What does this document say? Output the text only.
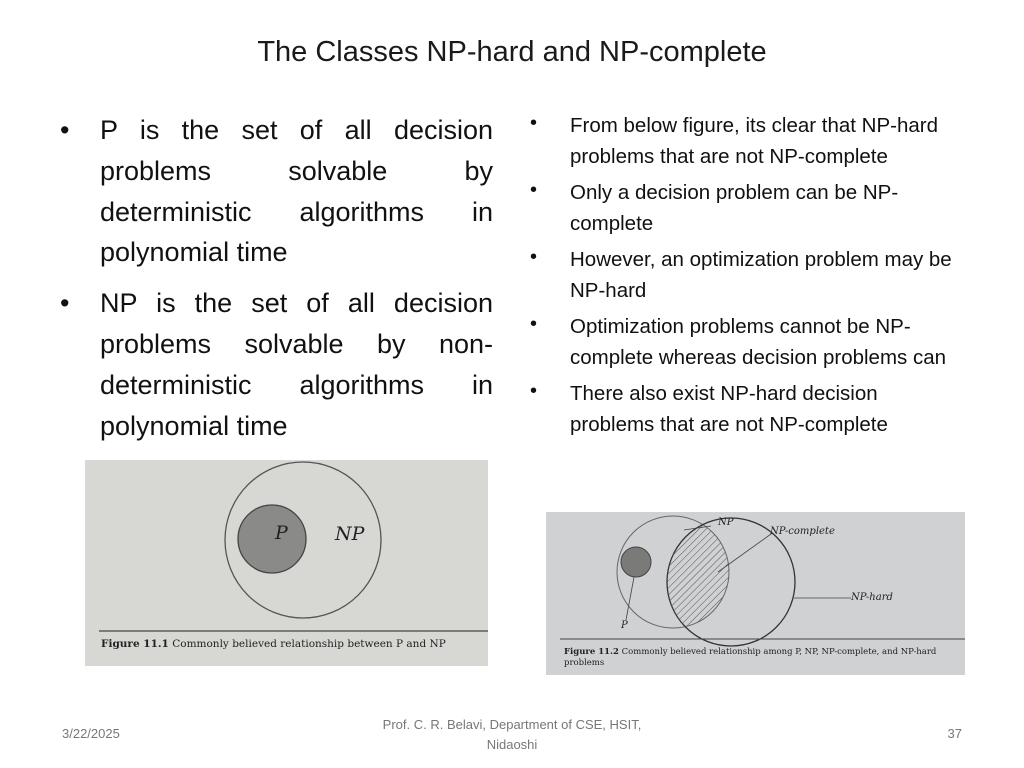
The Classes NP-hard and NP-complete
• P is the set of all decision problems solvable by deterministic algorithms in polynomial time
• NP is the set of all decision problems solvable by non-deterministic algorithms in polynomial time
• From below figure, its clear that NP-hard problems that are not NP-complete
• Only a decision problem can be NP-complete
• However, an optimization problem may be NP-hard
• Optimization problems cannot be NP-complete whereas decision problems can
• There also exist NP-hard decision problems that are not NP-complete
P NP
Figure 11.1 Commonly believed relationship between P and NP
NP
NP-complete
NP-hard
P
Figure 11.2 Commonly believed relationship among P, NP, NP-complete, and NP-hard problems
3/22/2025
Prof. C. R. Belavi, Department of CSE, HSIT, Nidaoshi
37
